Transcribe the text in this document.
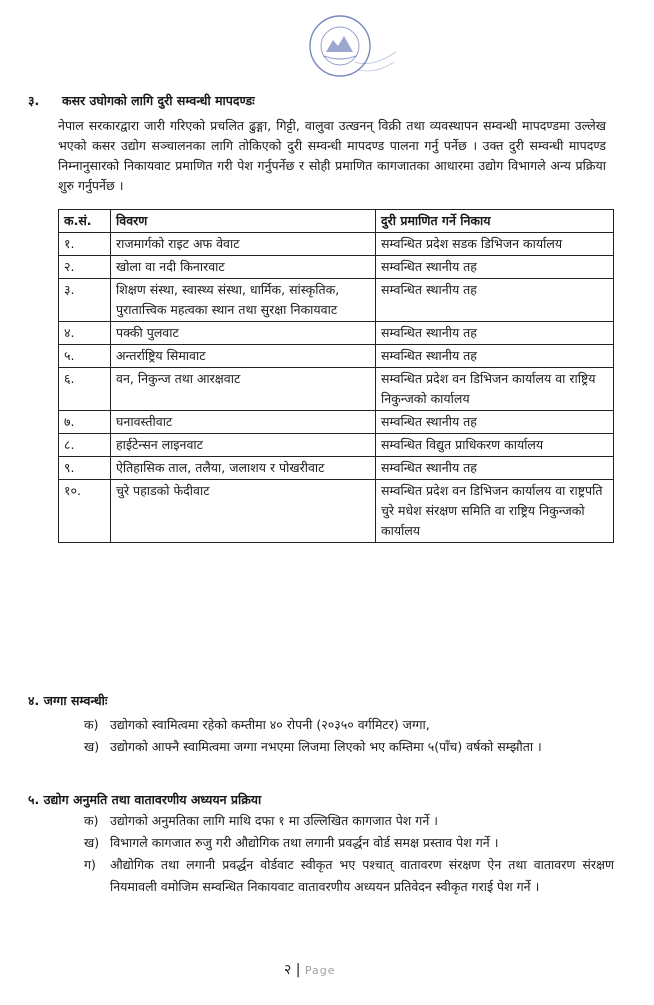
३. कसर उघोगको लागि दुरी सम्वन्धी मापदण्डः
नेपाल सरकारद्वारा जारी गरिएको प्रचलित ढुङ्गा, गिट्टी, वालुवा उत्खनन् विक्री तथा व्यवस्थापन सम्वन्धी मापदण्डमा उल्लेख भएको कसर उद्योग सञ्चालनका लागि तोकिएको दुरी सम्वन्धी मापदण्ड पालना गर्नु पर्नेछ । उक्त दुरी सम्वन्धी मापदण्ड निम्नानुसारको निकायवाट प्रमाणित गरी पेश गर्नुपर्नेछ र सोही प्रमाणित कागजातका आधारमा उद्योग विभागले अन्य प्रक्रिया शुरु गर्नुपर्नेछ ।
क.सं.	विवरण	दुरी प्रमाणित गर्ने निकाय
१.	राजमार्गको राइट अफ वेवाट	सम्वन्धित प्रदेश सडक डिभिजन कार्यालय
२.	खोला वा नदी किनारवाट	सम्वन्धित स्थानीय तह
३.	शिक्षण संस्था, स्वास्थ्य संस्था, धार्मिक, सांस्कृतिक, पुरातात्त्विक महत्वका स्थान तथा सुरक्षा निकायवाट	सम्वन्धित स्थानीय तह
४.	पक्की पुलवाट	सम्वन्धित स्थानीय तह
५.	अन्तर्राष्ट्रिय सिमावाट	सम्वन्धित स्थानीय तह
६.	वन, निकुन्ज तथा आरक्षवाट	सम्वन्धित प्रदेश वन डिभिजन कार्यालय वा राष्ट्रिय निकुन्जको कार्यालय
७.	घनावस्तीवाट	सम्वन्धित स्थानीय तह
८.	हाईटेन्सन लाइनवाट	सम्वन्धित विद्युत प्राधिकरण कार्यालय
९.	ऐतिहासिक ताल, तलैया, जलाशय र पोखरीवाट	सम्वन्धित स्थानीय तह
१०.	चुरे पहाडको फेदीवाट	सम्वन्धित प्रदेश वन डिभिजन कार्यालय वा राष्ट्रपति चुरे मधेश संरक्षण समिति वा राष्ट्रिय निकुन्जको कार्यालय
४. जग्गा सम्वन्धीः
क) उद्योगको स्वामित्वमा रहेको कम्तीमा ४० रोपनी (२०३५० वर्गमिटर) जग्गा,
ख) उद्योगको आफ्नै स्वामित्वमा जग्गा नभएमा लिजमा लिएको भए कम्तिमा ५(पाँच) वर्षको सम्झौता ।
५. उद्योग अनुमति तथा वातावरणीय अध्ययन प्रक्रिया
क) उद्योगको अनुमतिका लागि माथि दफा १ मा उल्लिखित कागजात पेश गर्ने ।
ख) विभागले कागजात रुजु गरी औद्योगिक तथा लगानी प्रवर्द्धन वोर्ड समक्ष प्रस्ताव पेश गर्ने ।
ग)	औद्योगिक तथा लगानी प्रवर्द्धन वोर्डवाट स्वीकृत भए पश्चात् वातावरण संरक्षण ऐन तथा वातावरण संरक्षण नियमावली वमोजिम सम्वन्धित निकायवाट वातावरणीय अध्ययन प्रतिवेदन स्वीकृत गराई पेश गर्ने ।
२ | Page
